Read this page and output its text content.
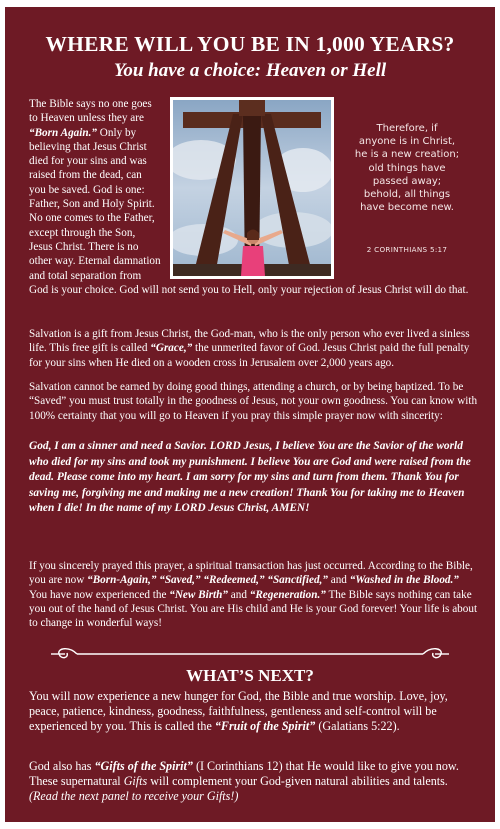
WHERE WILL YOU BE IN 1,000 YEARS?
You have a choice: Heaven or Hell

The Bible says no one goes to Heaven unless they are “Born Again.” Only by believing that Jesus Christ died for your sins and was raised from the dead, can you be saved. God is one: Father, Son and Holy Spirit. No one comes to the Father, except through the Son, Jesus Christ. There is no other way. Eternal damnation and total separation from God is your choice. God will not send you to Hell, only your rejection of Jesus Christ will do that.

Therefore, if
anyone is in Christ,
he is a new creation;
old things have
passed away;
behold, all things
have become new.
2 CORINTHIANS 5:17

Salvation is a gift from Jesus Christ, the God-man, who is the only person who ever lived a sinless life. This free gift is called “Grace,” the unmerited favor of God. Jesus Christ paid the full penalty for your sins when He died on a wooden cross in Jerusalem over 2,000 years ago.

Salvation cannot be earned by doing good things, attending a church, or by being baptized. To be “Saved” you must trust totally in the goodness of Jesus, not your own goodness. You can know with 100% certainty that you will go to Heaven if you pray this simple prayer now with sincerity:

God, I am a sinner and need a Savior. LORD Jesus, I believe You are the Savior of the world who died for my sins and took my punishment. I believe You are God and were raised from the dead. Please come into my heart. I am sorry for my sins and turn from them. Thank You for saving me, forgiving me and making me a new creation! Thank You for taking me to Heaven when I die! In the name of my LORD Jesus Christ, AMEN!

If you sincerely prayed this prayer, a spiritual transaction has just occurred. According to the Bible, you are now “Born-Again,” “Saved,” “Redeemed,” “Sanctified,” and “Washed in the Blood.” You have now experienced the “New Birth” and “Regeneration.” The Bible says nothing can take you out of the hand of Jesus Christ. You are His child and He is your God forever! Your life is about to change in wonderful ways!

WHAT’S NEXT?

You will now experience a new hunger for God, the Bible and true worship. Love, joy, peace, patience, kindness, goodness, faithfulness, gentleness and self-control will be experienced by you. This is called the “Fruit of the Spirit” (Galatians 5:22).

God also has “Gifts of the Spirit” (I Corinthians 12) that He would like to give you now. These supernatural Gifts will complement your God-given natural abilities and talents. (Read the next panel to receive your Gifts!)
